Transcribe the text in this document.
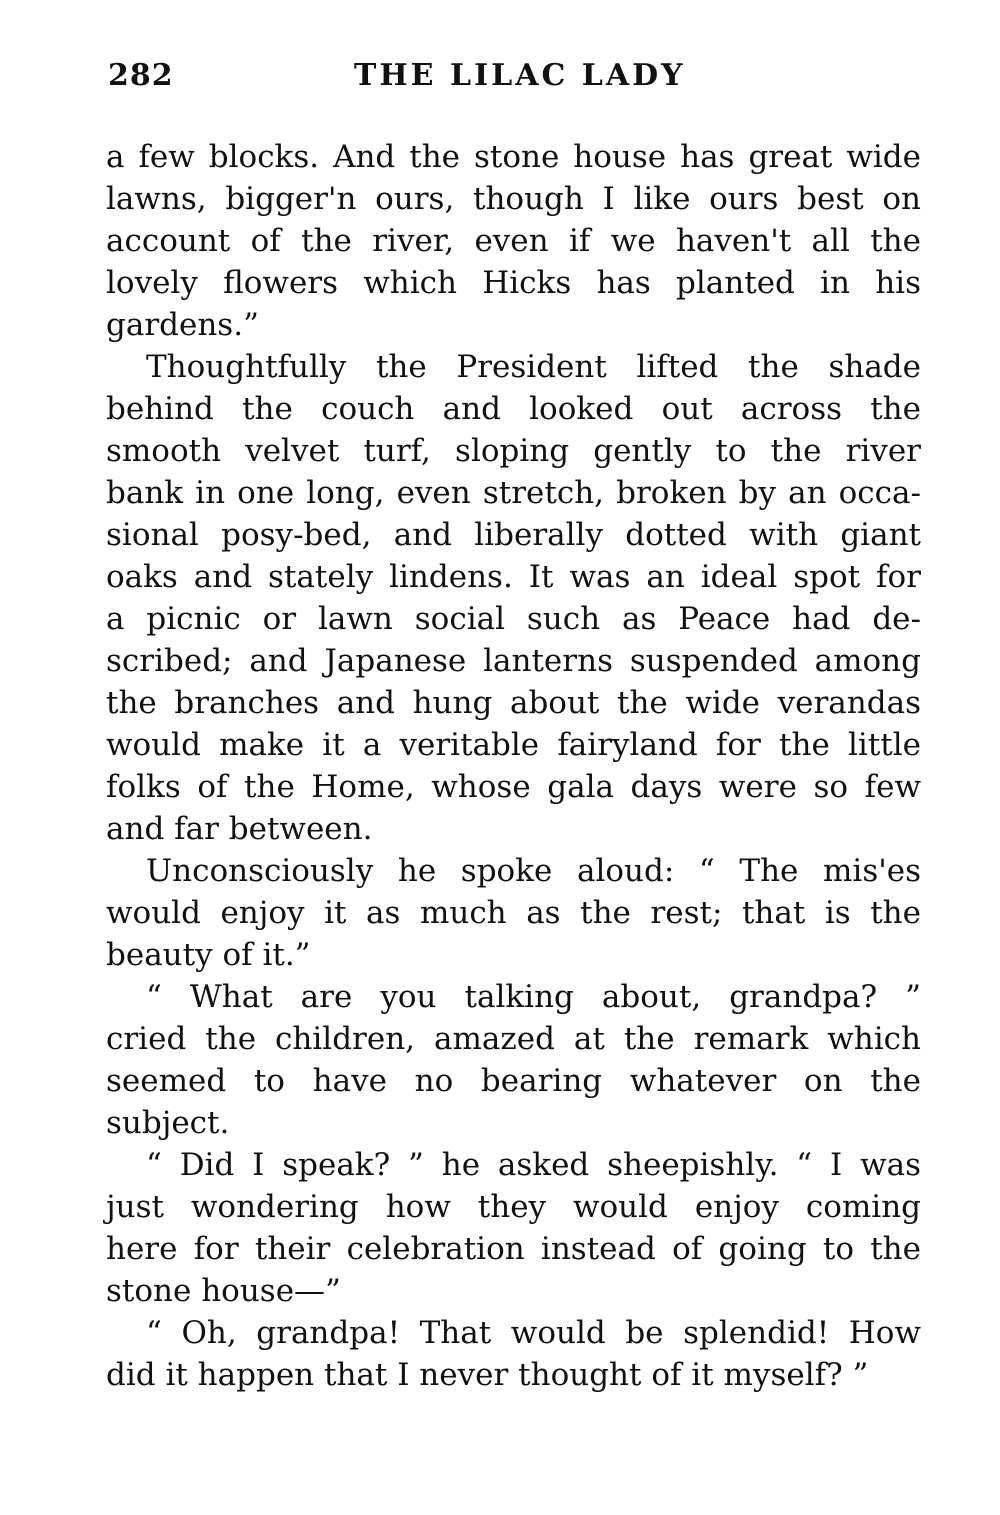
282	THE LILAC LADY
a few blocks. And the stone house has great wide
lawns, bigger'n ours, though I like ours best on
account of the river, even if we haven't all the
lovely flowers which Hicks has planted in his
gardens.”
Thoughtfully the President lifted the shade
behind the couch and looked out across the
smooth velvet turf, sloping gently to the river
bank in one long, even stretch, broken by an occa-
sional posy-bed, and liberally dotted with giant
oaks and stately lindens. It was an ideal spot for
a picnic or lawn social such as Peace had de-
scribed; and Japanese lanterns suspended among
the branches and hung about the wide verandas
would make it a veritable fairyland for the little
folks of the Home, whose gala days were so few
and far between.
Unconsciously he spoke aloud: “ The mis'es
would enjoy it as much as the rest; that is the
beauty of it.”
“ What are you talking about, grandpa? ”
cried the children, amazed at the remark which
seemed to have no bearing whatever on the
subject.
“ Did I speak? ” he asked sheepishly. “ I was
just wondering how they would enjoy coming
here for their celebration instead of going to the
stone house—”
“ Oh, grandpa! That would be splendid! How
did it happen that I never thought of it myself? ”
